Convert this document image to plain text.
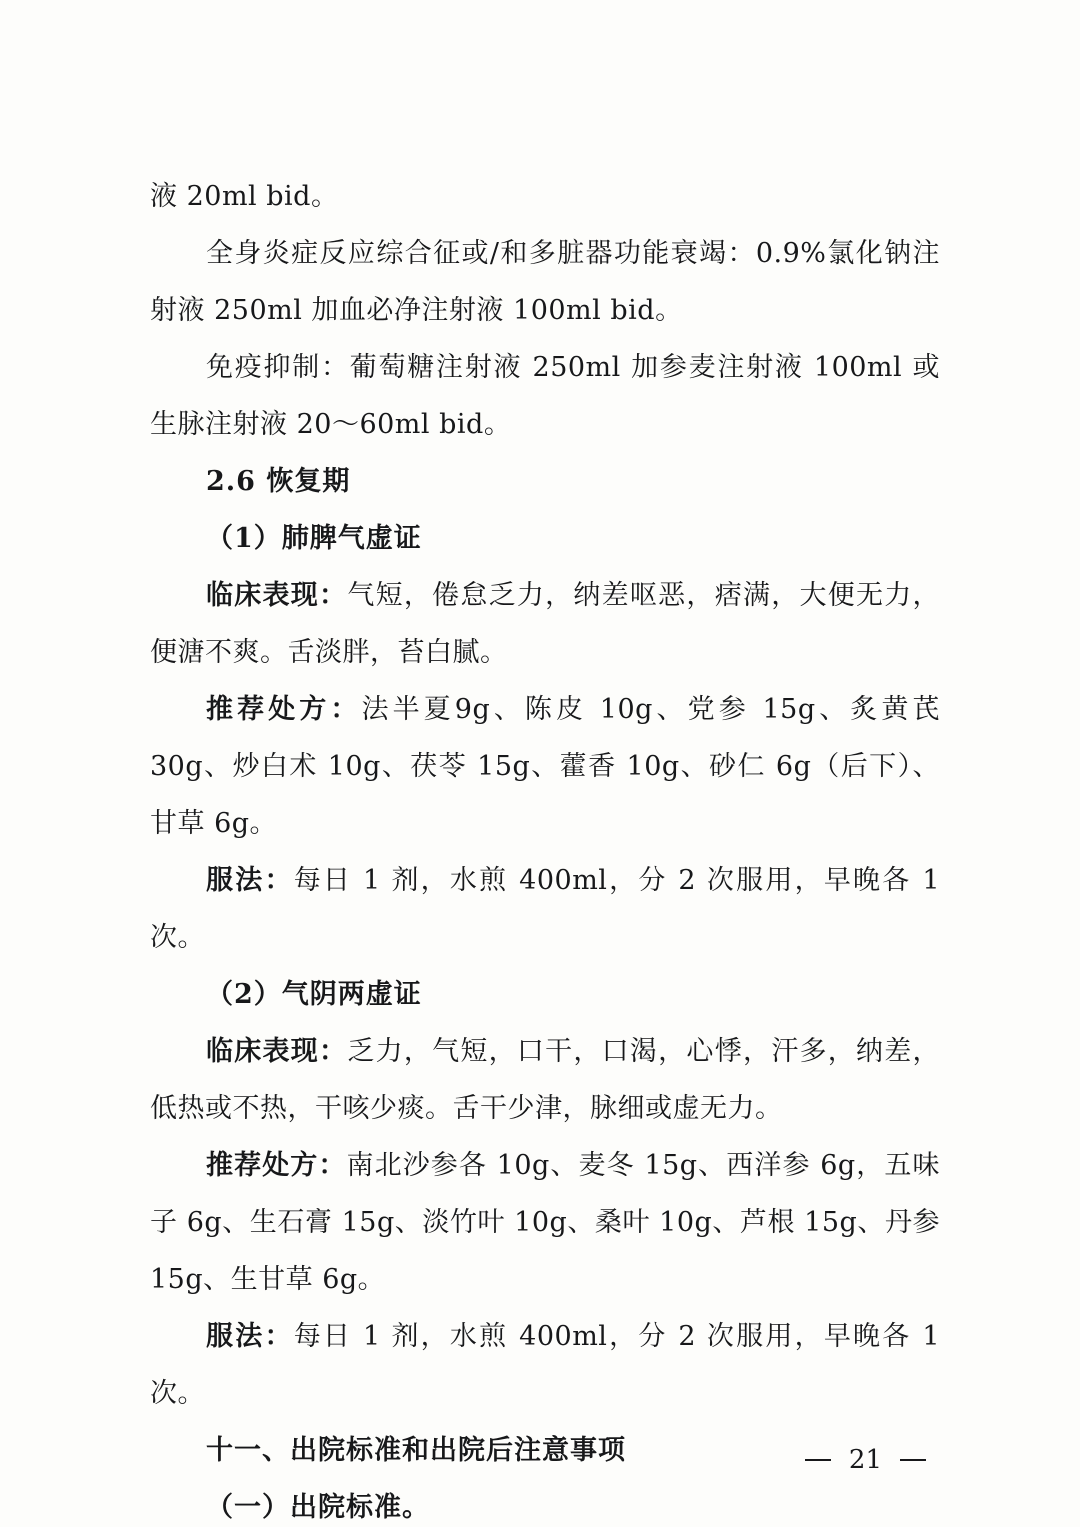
液 20ml bid。

全身炎症反应综合征或/和多脏器功能衰竭：0.9%氯化钠注射液 250ml 加血必净注射液 100ml bid。

免疫抑制：葡萄糖注射液 250ml 加参麦注射液 100ml 或生脉注射液 20～60ml bid。

2.6 恢复期

（1）肺脾气虚证

临床表现：气短，倦怠乏力，纳差呕恶，痞满，大便无力，便溏不爽。舌淡胖，苔白腻。

推荐处方：法半夏9g、陈皮 10g、党参 15g、炙黄芪 30g、炒白术 10g、茯苓 15g、藿香 10g、砂仁 6g（后下）、甘草 6g。

服法：每日 1 剂，水煎 400ml，分 2 次服用，早晚各 1 次。

（2）气阴两虚证

临床表现：乏力，气短，口干，口渴，心悸，汗多，纳差，低热或不热，干咳少痰。舌干少津，脉细或虚无力。

推荐处方：南北沙参各 10g、麦冬 15g、西洋参 6g，五味子 6g、生石膏 15g、淡竹叶 10g、桑叶 10g、芦根 15g、丹参 15g、生甘草 6g。

服法：每日 1 剂，水煎 400ml，分 2 次服用，早晚各 1 次。

十一、出院标准和出院后注意事项

（一）出院标准。

21
